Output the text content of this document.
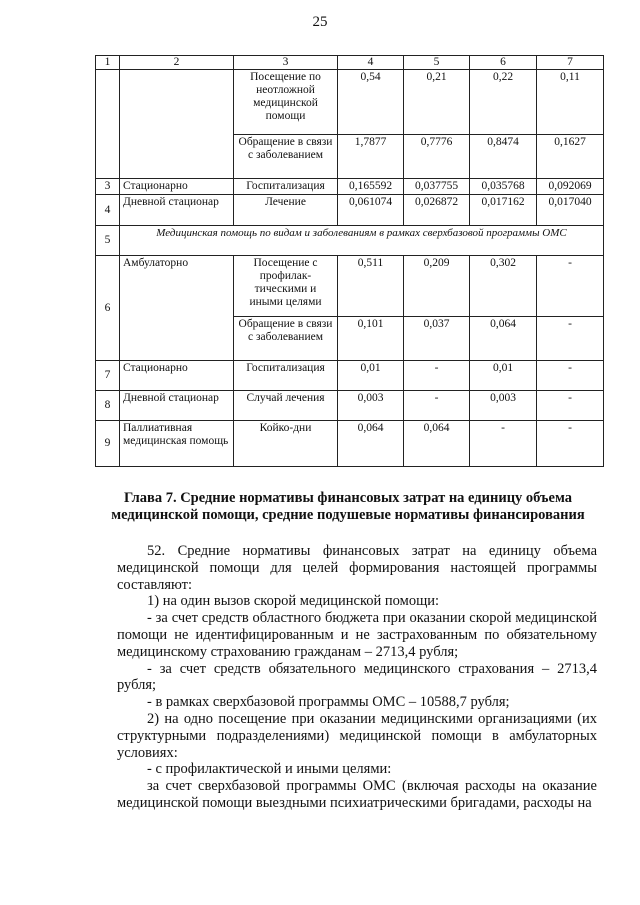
25
1	2	3	4	5	6	7
		Посещение по неотложной медицинской помощи	0,54	0,21	0,22	0,11
		Обращение в связи с заболеванием	1,7877	0,7776	0,8474	0,1627
3	Стационарно	Госпитализация	0,165592	0,037755	0,035768	0,092069
4	Дневной стационар	Лечение	0,061074	0,026872	0,017162	0,017040
5	Медицинская помощь по видам и заболеваниям в рамках сверхбазовой программы ОМС					
6	Амбулаторно	Посещение с профилак-тическими и иными целями	0,511	0,209	0,302	-
		Обращение в связи с заболеванием	0,101	0,037	0,064	-
7	Стационарно	Госпитализация	0,01	-	0,01	-
8	Дневной стационар	Случай лечения	0,003	-	0,003	-
9	Паллиативная медицинская помощь	Койко-дни	0,064	0,064	-	-
Глава 7. Средние нормативы финансовых затрат на единицу объема медицинской помощи, средние подушевые нормативы финансирования

52. Средние нормативы финансовых затрат на единицу объема медицинской помощи для целей формирования настоящей программы составляют:

1) на один вызов скорой медицинской помощи:

- за счет средств областного бюджета при оказании скорой медицинской помощи не идентифицированным и не застрахованным по обязательному медицинскому страхованию гражданам – 2713,4 рубля;

- за счет средств обязательного медицинского страхования – 2713,4 рубля;

- в рамках сверхбазовой программы ОМС – 10588,7 рубля;

2) на одно посещение при оказании медицинскими организациями (их структурными подразделениями) медицинской помощи в амбулаторных условиях:

- с профилактической и иными целями:

за счет сверхбазовой программы ОМС (включая расходы на оказание медицинской помощи выездными психиатрическими бригадами, расходы на
